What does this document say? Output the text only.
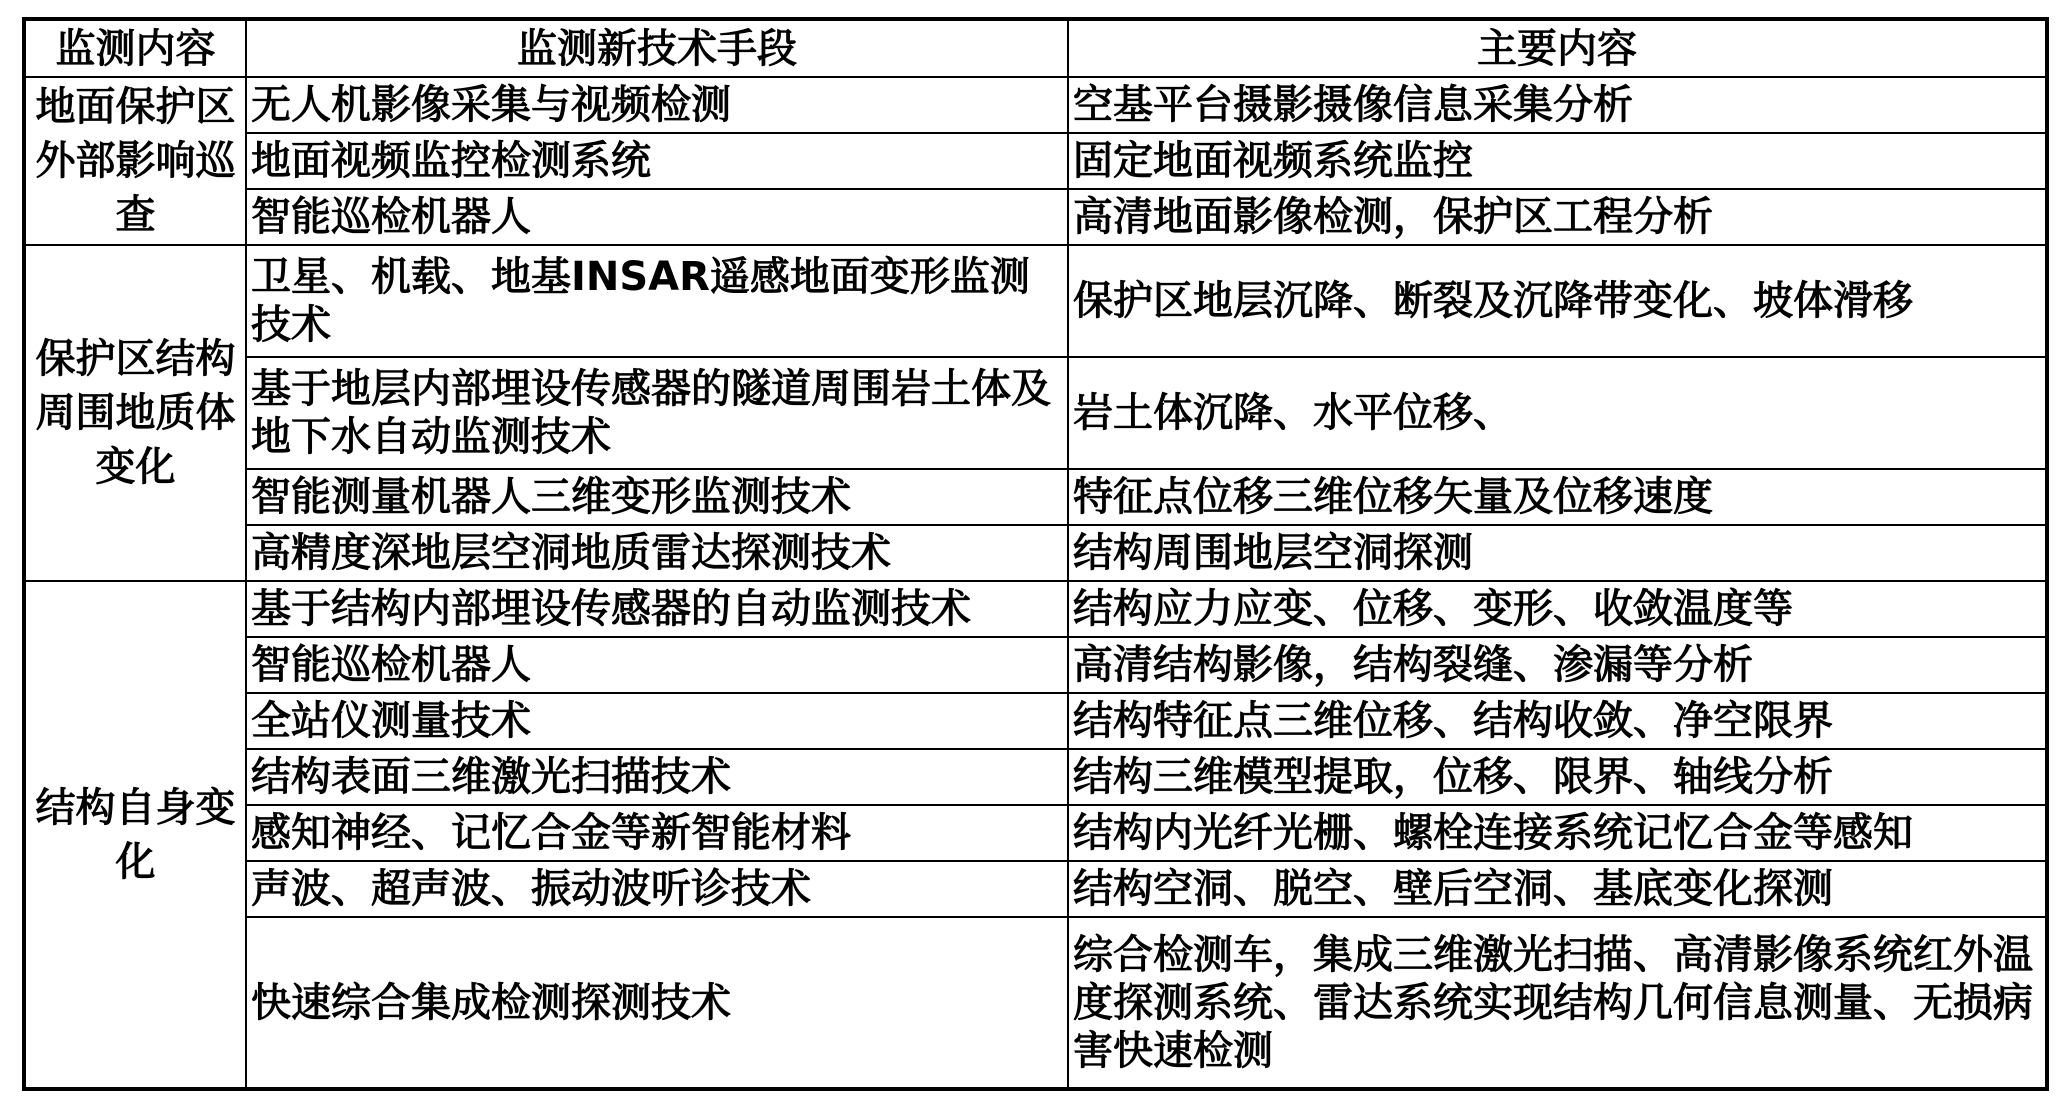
监测内容	监测新技术手段	主要内容
地面保护区外部影响巡查	无人机影像采集与视频检测	空基平台摄影摄像信息采集分析
	地面视频监控检测系统	固定地面视频系统监控
	智能巡检机器人	高清地面影像检测，保护区工程分析
保护区结构周围地质体变化	卫星、机载、地基INSAR遥感地面变形监测技术	保护区地层沉降、断裂及沉降带变化、坡体滑移
	基于地层内部埋设传感器的隧道周围岩土体及地下水自动监测技术	岩土体沉降、水平位移、
	智能测量机器人三维变形监测技术	特征点位移三维位移矢量及位移速度
	高精度深地层空洞地质雷达探测技术	结构周围地层空洞探测
结构自身变化	基于结构内部埋设传感器的自动监测技术	结构应力应变、位移、变形、收敛温度等
	智能巡检机器人	高清结构影像，结构裂缝、渗漏等分析
	全站仪测量技术	结构特征点三维位移、结构收敛、净空限界
	结构表面三维激光扫描技术	结构三维模型提取，位移、限界、轴线分析
	感知神经、记忆合金等新智能材料	结构内光纤光栅、螺栓连接系统记忆合金等感知
	声波、超声波、振动波听诊技术	结构空洞、脱空、壁后空洞、基底变化探测
	快速综合集成检测探测技术	综合检测车，集成三维激光扫描、高清影像系统红外温度探测系统、雷达系统实现结构几何信息测量、无损病害快速检测
